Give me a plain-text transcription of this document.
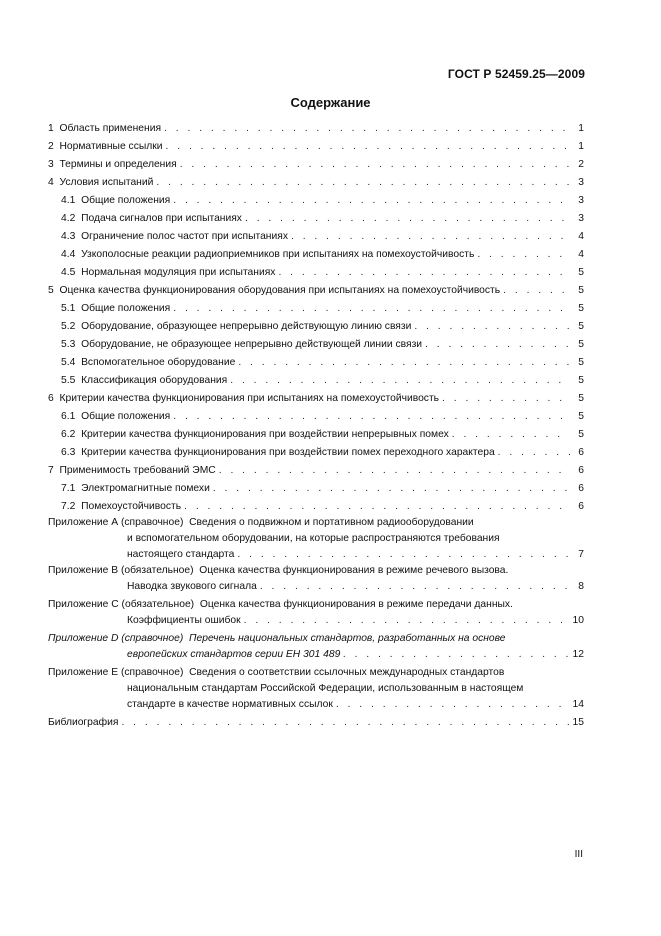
ГОСТ Р 52459.25—2009
Содержание
1 Область применения . . .	1
2 Нормативные ссылки . . .	1
3 Термины и определения . . .	2
4 Условия испытаний . . .	3
4.1 Общие положения . . .	3
4.2 Подача сигналов при испытаниях . . .	3
4.3 Ограничение полос частот при испытаниях . . .	4
4.4 Узкополосные реакции радиоприемников при испытаниях на помехоустойчивость . . .	4
4.5 Нормальная модуляция при испытаниях . . .	5
5 Оценка качества функционирования оборудования при испытаниях на помехоустойчивость . . .	5
5.1 Общие положения . . .	5
5.2 Оборудование, образующее непрерывно действующую линию связи . . .	5
5.3 Оборудование, не образующее непрерывно действующей линии связи . . .	5
5.4 Вспомогательное оборудование . . .	5
5.5 Классификация оборудования . . .	5
6 Критерии качества функционирования при испытаниях на помехоустойчивость . . .	5
6.1 Общие положения . . .	5
6.2 Критерии качества функционирования при воздействии непрерывных помех . . .	5
6.3 Критерии качества функционирования при воздействии помех переходного характера . . .	6
7 Применимость требований ЭМС . . .	6
7.1 Электромагнитные помехи . . .	6
7.2 Помехоустойчивость . . .	6
Приложение А (справочное) Сведения о подвижном и портативном радиооборудовании
и вспомогательном оборудовании, на которые распространяются требования
настоящего стандарта . . .	7
Приложение В (обязательное) Оценка качества функционирования в режиме речевого вызова.
Наводка звукового сигнала . . .	8
Приложение С (обязательное) Оценка качества функционирования в режиме передачи данных.
Коэффициенты ошибок . . .	10
Приложение D (справочное) Перечень национальных стандартов, разработанных на основе
европейских стандартов серии ЕН 301 489 . . .	12
Приложение Е (справочное) Сведения о соответствии ссылочных международных стандартов
национальным стандартам Российской Федерации, использованным в настоящем
стандарте в качестве нормативных ссылок . . .	14
Библиография . . .	15
III
